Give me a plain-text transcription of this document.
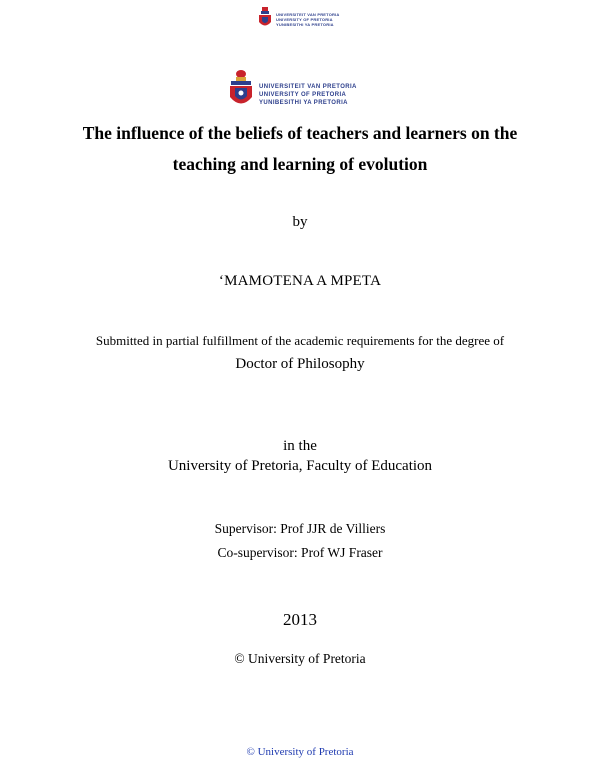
UNIVERSITEIT VAN PRETORIA
UNIVERSITY OF PRETORIA
YUNIBESITHI YA PRETORIA
UNIVERSITEIT VAN PRETORIA
UNIVERSITY OF PRETORIA
YUNIBESITHI YA PRETORIA
The influence of the beliefs of teachers and learners on the
teaching and learning of evolution
by
‘MAMOTENA A MPETA
Submitted in partial fulfillment of the academic requirements for the degree of
Doctor of Philosophy
in the
University of Pretoria, Faculty of Education
Supervisor: Prof JJR de Villiers
Co-supervisor: Prof WJ Fraser
2013
© University of Pretoria
© University of Pretoria
